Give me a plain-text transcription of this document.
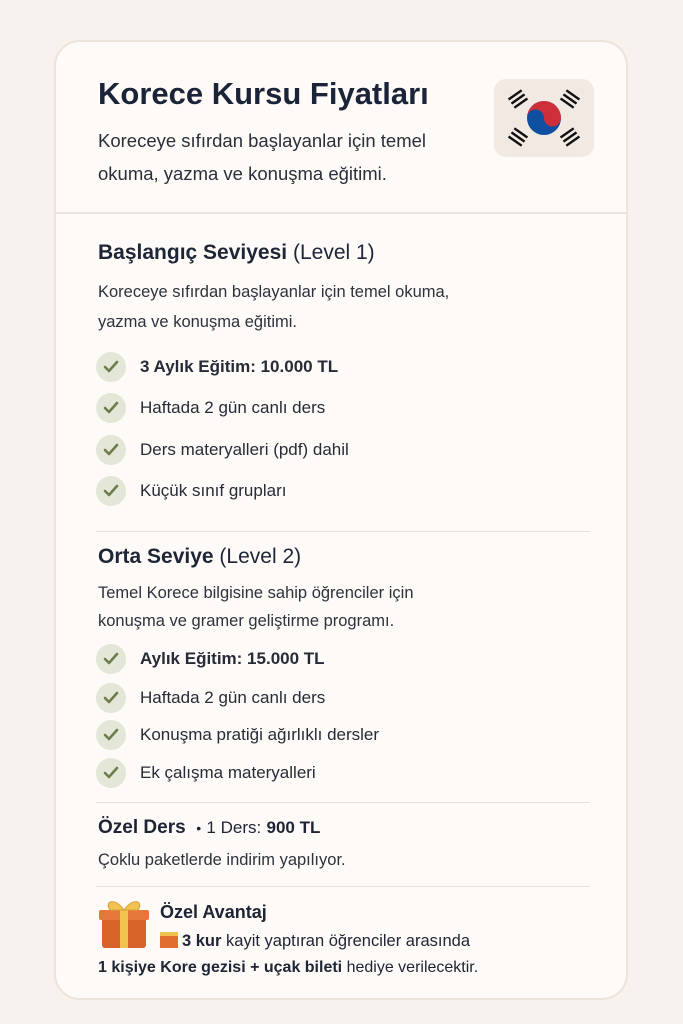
Korece Kursu Fiyatları
Koreceye sıfırdan başlayanlar için temel
okuma, yazma ve konuşma eğitimi.
Başlangıç Seviyesi (Level 1)
Koreceye sıfırdan başlayanlar için temel okuma,
yazma ve konuşma eğitimi.
3 Aylık Eğitim: 10.000 TL
Haftada 2 gün canlı ders
Ders materyalleri (pdf) dahil
Küçük sınıf grupları
Orta Seviye (Level 2)
Temel Korece bilgisine sahip öğrenciler için
konuşma ve gramer geliştirme programı.
Aylık Eğitim: 15.000 TL
Haftada 2 gün canlı ders
Konuşma pratiği ağırlıklı dersler
Ek çalışma materyalleri
Özel Ders • 1 Ders: 900 TL
Çoklu paketlerde indirim yapılıyor.
Özel Avantaj
3 kur kayit yaptıran öğrenciler arasında
1 kişiye Kore gezisi + uçak bileti hediye verilecektir.
